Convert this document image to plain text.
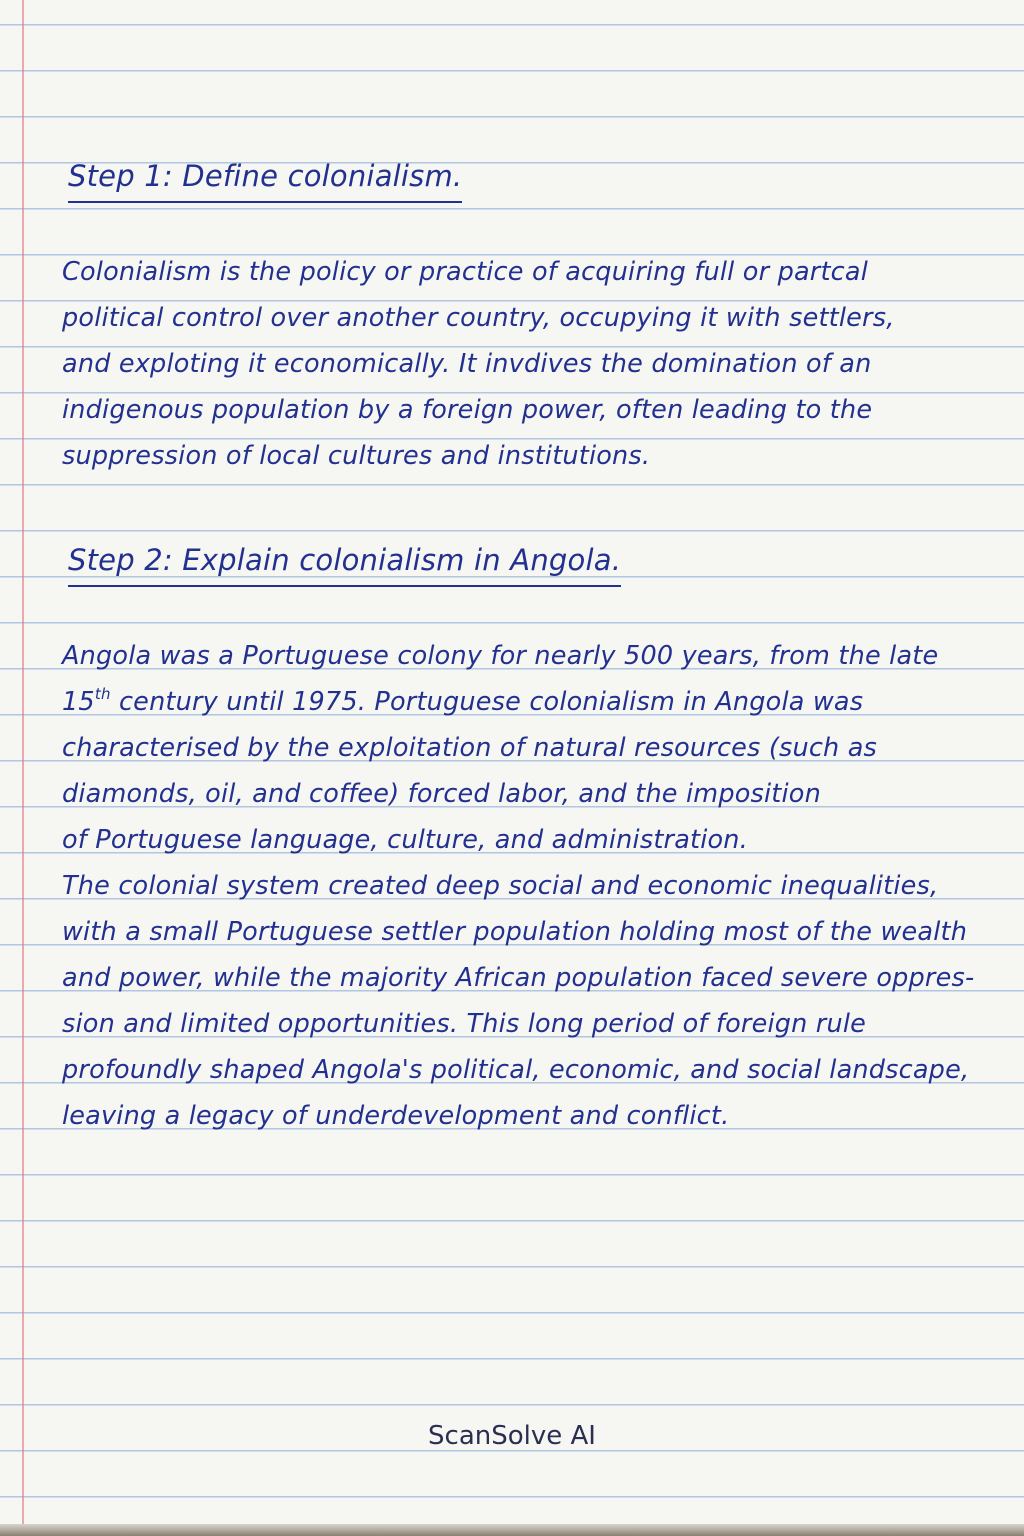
Step 1: Define colonialism.
Colonialism is the policy or practice of acquiring full or partcal
political control over another country, occupying it with settlers,
and exploting it economically. It invdives the domination of an
indigenous population by a foreign power, often leading to the
suppression of local cultures and institutions.
Step 2: Explain colonialism in Angola.
Angola was a Portuguese colony for nearly 500 years, from the late
15th century until 1975. Portuguese colonialism in Angola was
characterised by the exploitation of natural resources (such as
diamonds, oil, and coffee) forced labor, and the imposition
of Portuguese language, culture, and administration.
The colonial system created deep social and economic inequalities,
with a small Portuguese settler population holding most of the wealth
and power, while the majority African population faced severe oppres-
sion and limited opportunities. This long period of foreign rule
profoundly shaped Angola's political, economic, and social landscape,
leaving a legacy of underdevelopment and conflict.
ScanSolve AI
